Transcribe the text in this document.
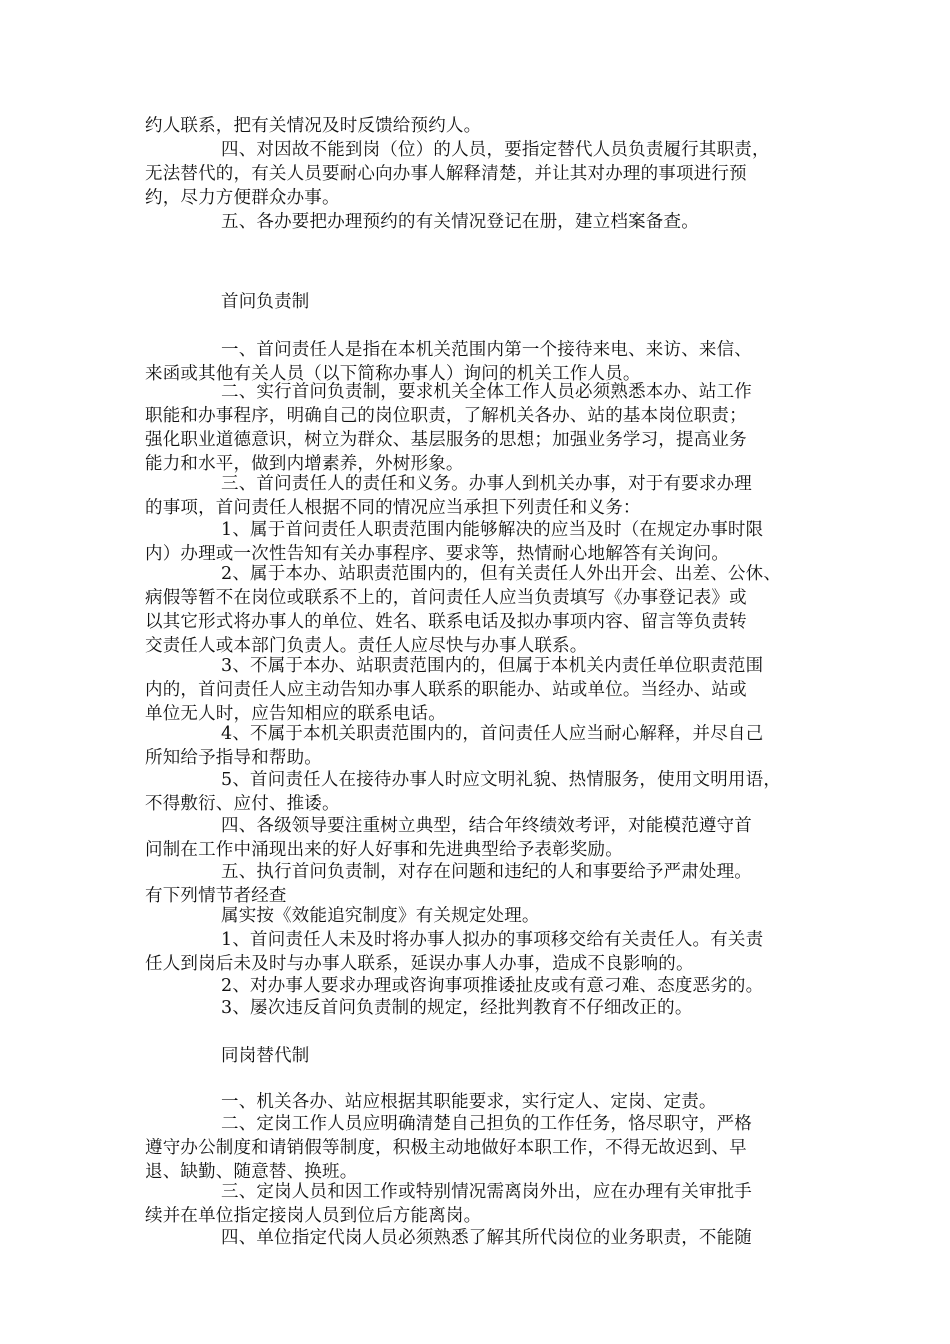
约人联系，把有关情况及时反馈给预约人。
四、对因故不能到岗（位）的人员，要指定替代人员负责履行其职责，
无法替代的，有关人员要耐心向办事人解释清楚，并让其对办理的事项进行预
约，尽力方便群众办事。
五、各办要把办理预约的有关情况登记在册，建立档案备查。
首问负责制
一、首问责任人是指在本机关范围内第一个接待来电、来访、来信、
来函或其他有关人员（以下简称办事人）询问的机关工作人员。
二、实行首问负责制，要求机关全体工作人员必须熟悉本办、站工作
职能和办事程序，明确自己的岗位职责，了解机关各办、站的基本岗位职责；
强化职业道德意识，树立为群众、基层服务的思想；加强业务学习，提高业务
能力和水平，做到内增素养，外树形象。
三、首问责任人的责任和义务。办事人到机关办事，对于有要求办理
的事项，首问责任人根据不同的情况应当承担下列责任和义务：
1、属于首问责任人职责范围内能够解决的应当及时（在规定办事时限
内）办理或一次性告知有关办事程序、要求等，热情耐心地解答有关询问。
2、属于本办、站职责范围内的，但有关责任人外出开会、出差、公休、
病假等暂不在岗位或联系不上的，首问责任人应当负责填写《办事登记表》或
以其它形式将办事人的单位、姓名、联系电话及拟办事项内容、留言等负责转
交责任人或本部门负责人。责任人应尽快与办事人联系。
3、不属于本办、站职责范围内的，但属于本机关内责任单位职责范围
内的，首问责任人应主动告知办事人联系的职能办、站或单位。当经办、站或
单位无人时，应告知相应的联系电话。
4、不属于本机关职责范围内的，首问责任人应当耐心解释，并尽自己
所知给予指导和帮助。
5、首问责任人在接待办事人时应文明礼貌、热情服务，使用文明用语，
不得敷衍、应付、推诿。
四、各级领导要注重树立典型，结合年终绩效考评，对能模范遵守首
问制在工作中涌现出来的好人好事和先进典型给予表彰奖励。
五、执行首问负责制，对存在问题和违纪的人和事要给予严肃处理。
有下列情节者经查
属实按《效能追究制度》有关规定处理。
1、首问责任人未及时将办事人拟办的事项移交给有关责任人。有关责
任人到岗后未及时与办事人联系，延误办事人办事，造成不良影响的。
2、对办事人要求办理或咨询事项推诿扯皮或有意刁难、态度恶劣的。
3、屡次违反首问负责制的规定，经批判教育不仔细改正的。
同岗替代制
一、机关各办、站应根据其职能要求，实行定人、定岗、定责。
二、定岗工作人员应明确清楚自己担负的工作任务，恪尽职守，严格
遵守办公制度和请销假等制度，积极主动地做好本职工作，不得无故迟到、早
退、缺勤、随意替、换班。
三、定岗人员和因工作或特别情况需离岗外出，应在办理有关审批手
续并在单位指定接岗人员到位后方能离岗。
四、单位指定代岗人员必须熟悉了解其所代岗位的业务职责，不能随
